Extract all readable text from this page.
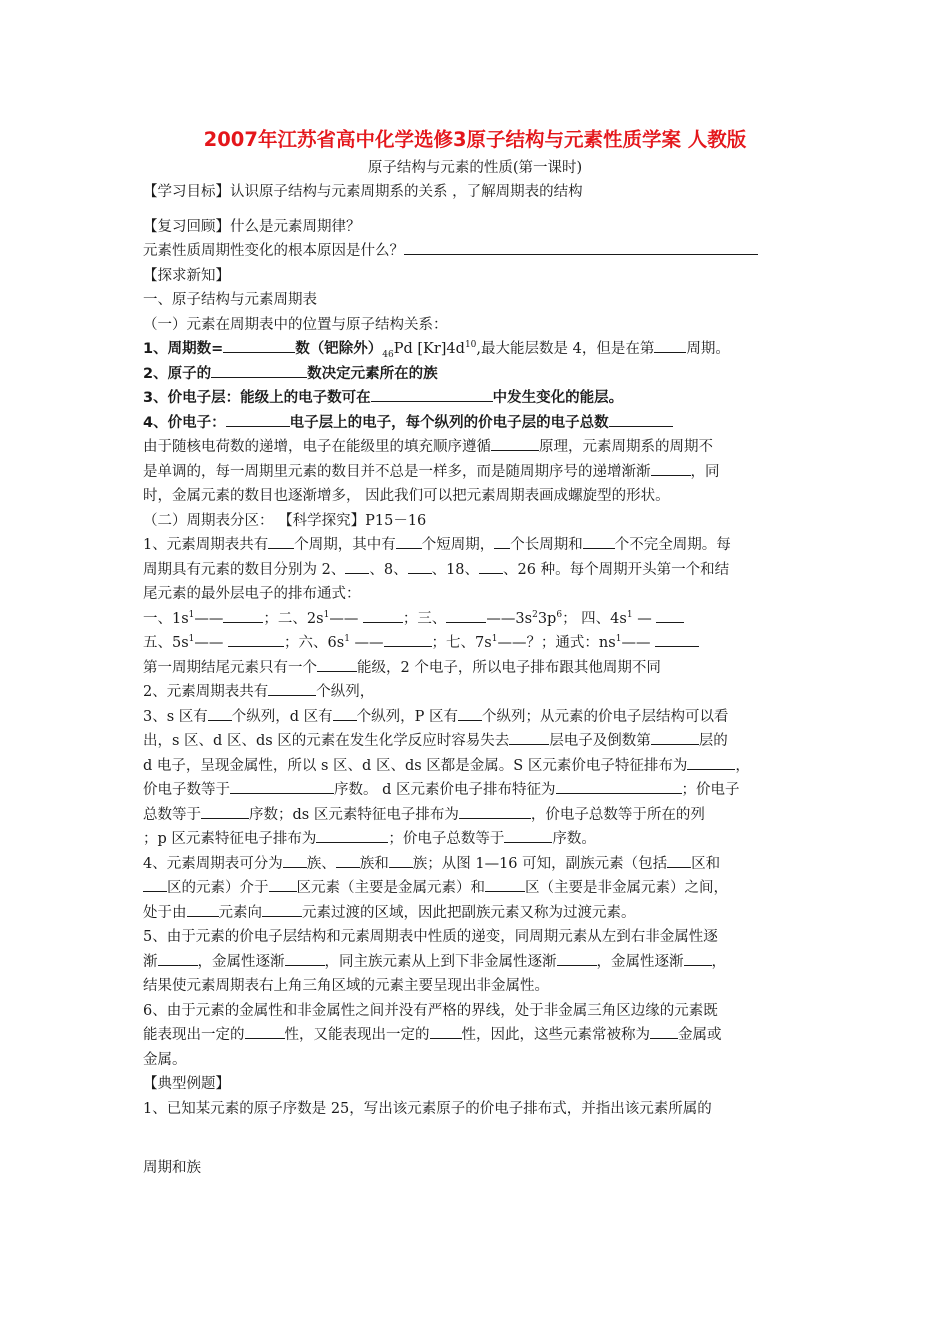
2007年江苏省高中化学选修3原子结构与元素性质学案 人教版
原子结构与元素的性质(第一课时)
【学习目标】认识原子结构与元素周期系的关系 ，了解周期表的结构
【复习回顾】什么是元素周期律？
元素性质周期性变化的根本原因是什么？
【探求新知】
一、原子结构与元素周期表
（一）元素在周期表中的位置与原子结构关系：
1、周期数=	数（钯除外）$_{46}Pd$ $[Kr]4d^{10}$,最大能层数是 4，但是在第 周期。
2、原子的	数决定元素所在的族
3、价电子层：能级上的电子数可在	中发生变化的能层。
4、价电子：	电子层上的电子，每个纵列的价电子层的电子总数
由于随核电荷数的递增，电子在能级里的填充顺序遵循	原理，元素周期系的周期不
是单调的，每一周期里元素的数目并不总是一样多，而是随周期序号的递增渐渐	，同
时，金属元素的数目也逐渐增多， 因此我们可以把元素周期表画成螺旋型的形状。
（二）周期表分区： 【科学探究】P15－16
1、元素周期表共有 个周期，其中有 个短周期， 个长周期和 个不完全周期。每
周期具有元素的数目分别为 2、 、8、 、18、 、26 种。每个周期开头第一个和结
尾元素的最外层电子的排布通式：
一、$1s^1——$	；二、$2s^1——$	；三、	$——3s^23p^6$； 四、$4s^1$ —
五、$5s^1——$	；六、$6s^1$ ——	；七、$7s^1——$？；通式：$ns^1——$
第一周期结尾元素只有一个	能级，2 个电子，所以电子排布跟其他周期不同
2、元素周期表共有	个纵列，
3、s 区有 个纵列，d 区有 个纵列，P 区有 个纵列；从元素的价电子层结构可以看
出，s 区、d 区、ds 区的元素在发生化学反应时容易失去	层电子及倒数第	层的
d 电子，呈现金属性，所以 s 区、d 区、ds 区都是金属。S 区元素价电子特征排布为	，
价电子数等于	序数。 d 区元素价电子排布特征为	；价电子
总数等于	序数；ds 区元素特征电子排布为	，价电子总数等于所在的列
；p 区元素特征电子排布为	；价电子总数等于	序数。
4、元素周期表可分为 族、 族和 族；从图 1—16 可知，副族元素（包括 区和
区的元素）介于 区元素（主要是金属元素）和	区（主要是非金属元素）之间，
处于由 元素向	元素过渡的区域，因此把副族元素又称为过渡元素。
5、由于元素的价电子层结构和元素周期表中性质的递变，同周期元素从左到右非金属性逐
渐	，金属性逐渐	，同主族元素从上到下非金属性逐渐	，金属性逐渐 ，
结果使元素周期表右上角三角区域的元素主要呈现出非金属性。
6、由于元素的金属性和非金属性之间并没有严格的界线，处于非金属三角区边缘的元素既
能表现出一定的	性，又能表现出一定的 性，因此，这些元素常被称为 金属或
金属。
【典型例题】
1、已知某元素的原子序数是 25，写出该元素原子的价电子排布式，并指出该元素所属的
周期和族
